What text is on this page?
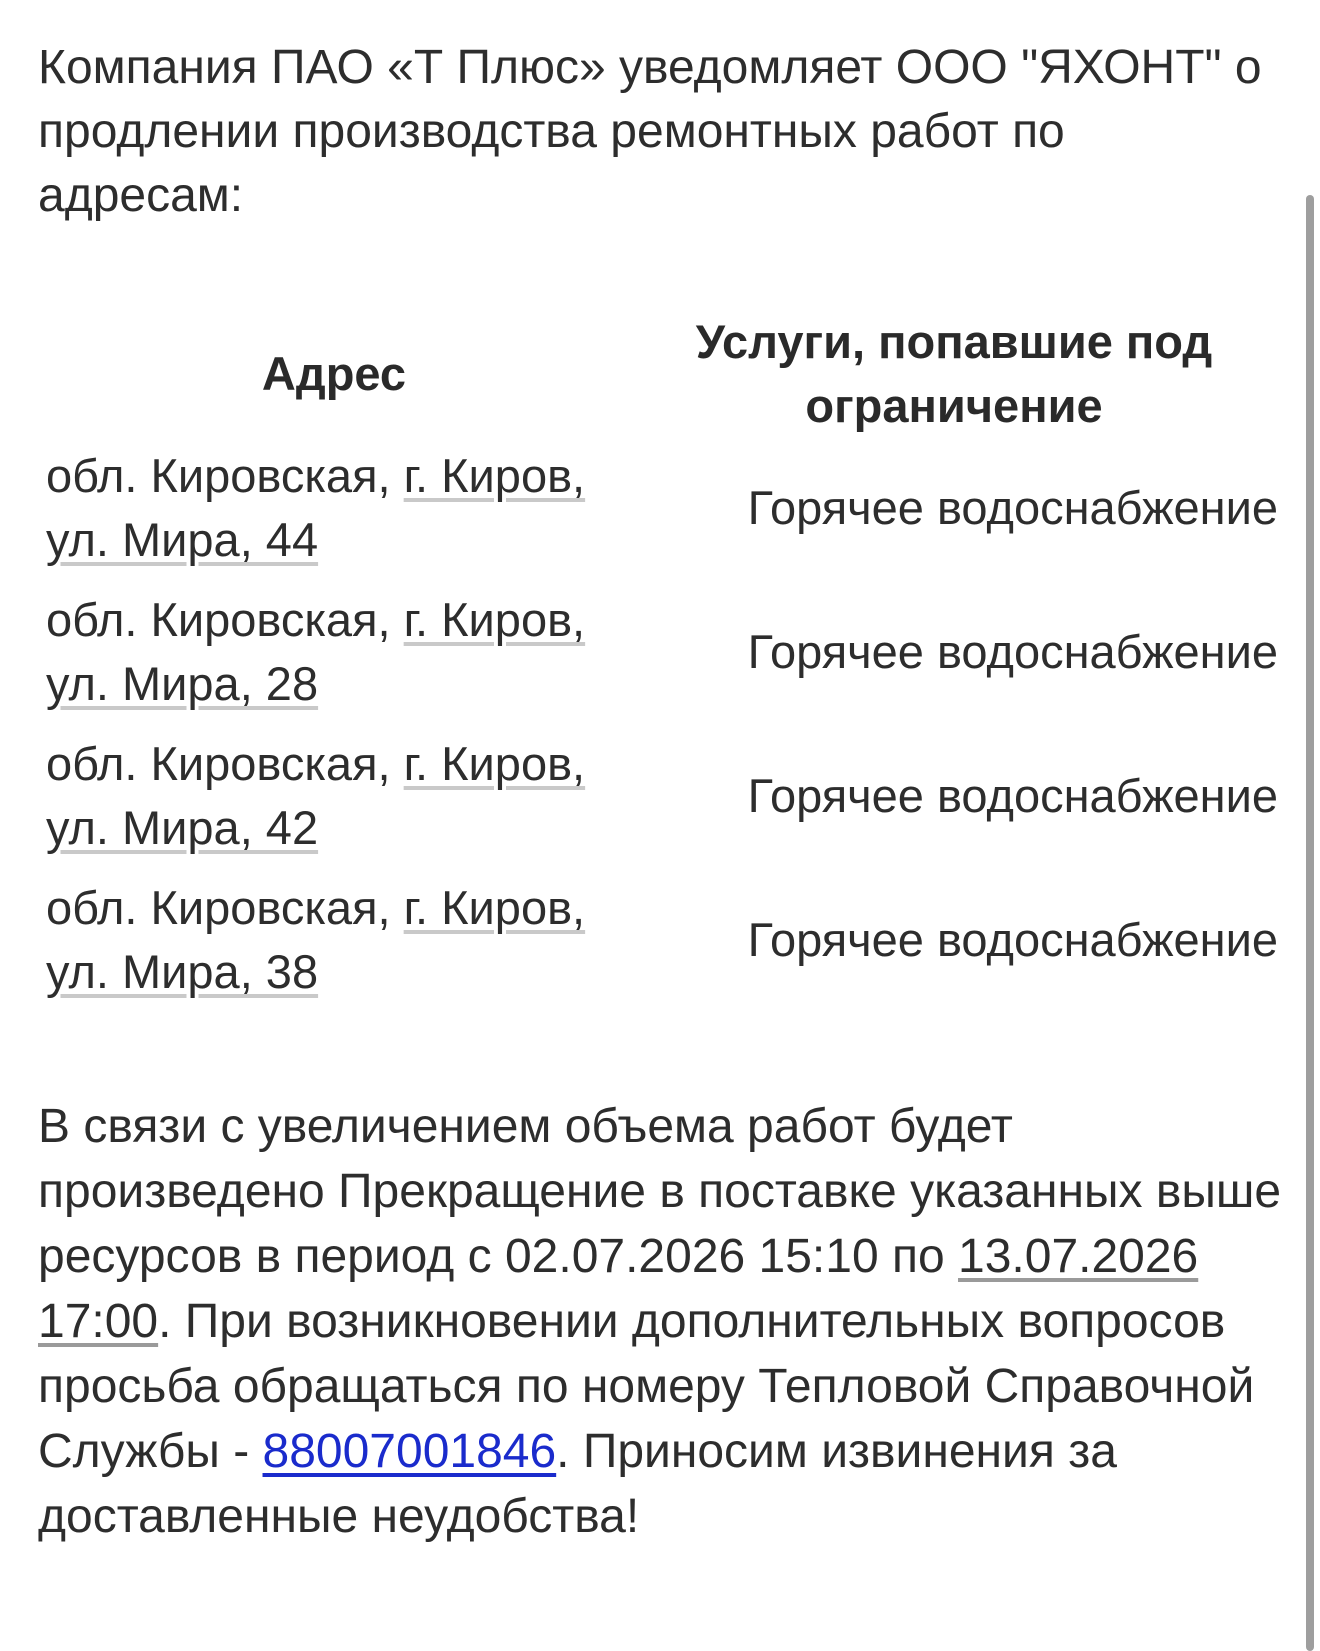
Компания ПАО «Т Плюс» уведомляет ООО "ЯХОНТ" о продлении производства ремонтных работ по адресам:

Адрес	Услуги, попавшие под ограничение
обл. Кировская, г. Киров, ул. Мира, 44	Горячее водоснабжение
обл. Кировская, г. Киров, ул. Мира, 28	Горячее водоснабжение
обл. Кировская, г. Киров, ул. Мира, 42	Горячее водоснабжение
обл. Кировская, г. Киров, ул. Мира, 38	Горячее водоснабжение

В связи с увеличением объема работ будет произведено Прекращение в поставке указанных выше ресурсов в период с 02.07.2026 15:10 по 13.07.2026 17:00. При возникновении дополнительных вопросов просьба обращаться по номеру Тепловой Справочной Службы - 88007001846. Приносим извинения за доставленные неудобства!
